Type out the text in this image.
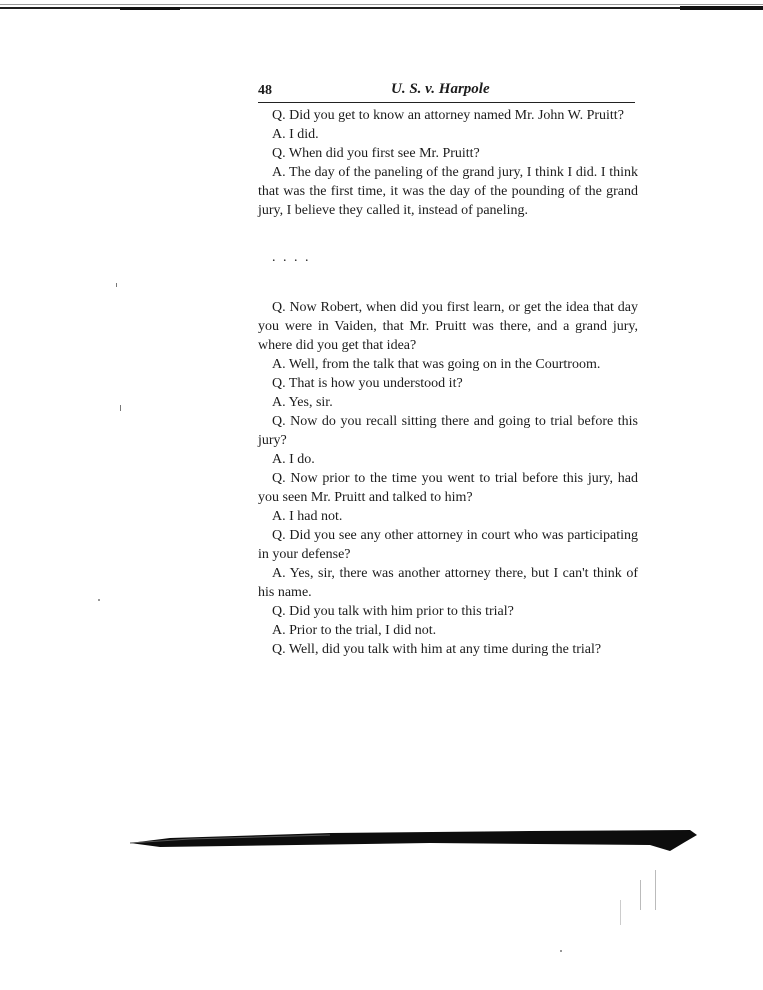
48	U. S. v. Harpole

Q. Did you get to know an attorney named Mr. John W. Pruitt?

A. I did.

Q. When did you first see Mr. Pruitt?

A. The day of the paneling of the grand jury, I think I did. I think that was the first time, it was the day of the pounding of the grand jury, I believe they called it, instead of paneling.

. . . .

Q. Now Robert, when did you first learn, or get the idea that day you were in Vaiden, that Mr. Pruitt was there, and a grand jury, where did you get that idea?

A. Well, from the talk that was going on in the Courtroom.

Q. That is how you understood it?

A. Yes, sir.

Q. Now do you recall sitting there and going to trial before this jury?

A. I do.

Q. Now prior to the time you went to trial before this jury, had you seen Mr. Pruitt and talked to him?

A. I had not.

Q. Did you see any other attorney in court who was participating in your defense?

A. Yes, sir, there was another attorney there, but I can't think of his name.

Q. Did you talk with him prior to this trial?

A. Prior to the trial, I did not.

Q. Well, did you talk with him at any time during the trial?
